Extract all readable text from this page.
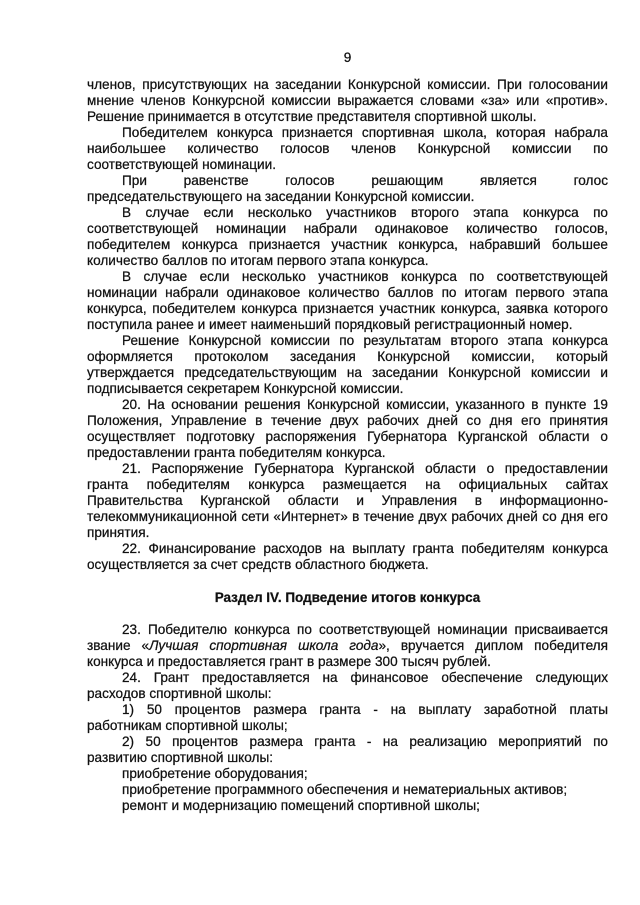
9
членов, присутствующих на заседании Конкурсной комиссии. При голосовании
мнение членов Конкурсной комиссии выражается словами «за» или «против».
Решение принимается в отсутствие представителя спортивной школы.
Победителем конкурса признается спортивная школа, которая набрала
наибольшее количество голосов членов Конкурсной комиссии по
соответствующей номинации.
При равенстве голосов решающим является голос
председательствующего на заседании Конкурсной комиссии.
В случае если несколько участников второго этапа конкурса по
соответствующей номинации набрали одинаковое количество голосов,
победителем конкурса признается участник конкурса, набравший большее
количество баллов по итогам первого этапа конкурса.
В случае если несколько участников конкурса по соответствующей
номинации набрали одинаковое количество баллов по итогам первого этапа
конкурса, победителем конкурса признается участник конкурса, заявка которого
поступила ранее и имеет наименьший порядковый регистрационный номер.
Решение Конкурсной комиссии по результатам второго этапа конкурса
оформляется протоколом заседания Конкурсной комиссии, который
утверждается председательствующим на заседании Конкурсной комиссии и
подписывается секретарем Конкурсной комиссии.
20. На основании решения Конкурсной комиссии, указанного в пункте 19
Положения, Управление в течение двух рабочих дней со дня его принятия
осуществляет подготовку распоряжения Губернатора Курганской области о
предоставлении гранта победителям конкурса.
21. Распоряжение Губернатора Курганской области о предоставлении
гранта победителям конкурса размещается на официальных сайтах
Правительства Курганской области и Управления в информационно-
телекоммуникационной сети «Интернет» в течение двух рабочих дней со дня его
принятия.
22. Финансирование расходов на выплату гранта победителям конкурса
осуществляется за счет средств областного бюджета.
Раздел IV. Подведение итогов конкурса
23. Победителю конкурса по соответствующей номинации присваивается
звание «Лучшая спортивная школа года», вручается диплом победителя
конкурса и предоставляется грант в размере 300 тысяч рублей.
24. Грант предоставляется на финансовое обеспечение следующих
расходов спортивной школы:
1) 50 процентов размера гранта - на выплату заработной платы
работникам спортивной школы;
2) 50 процентов размера гранта - на реализацию мероприятий по
развитию спортивной школы:
приобретение оборудования;
приобретение программного обеспечения и нематериальных активов;
ремонт и модернизацию помещений спортивной школы;
